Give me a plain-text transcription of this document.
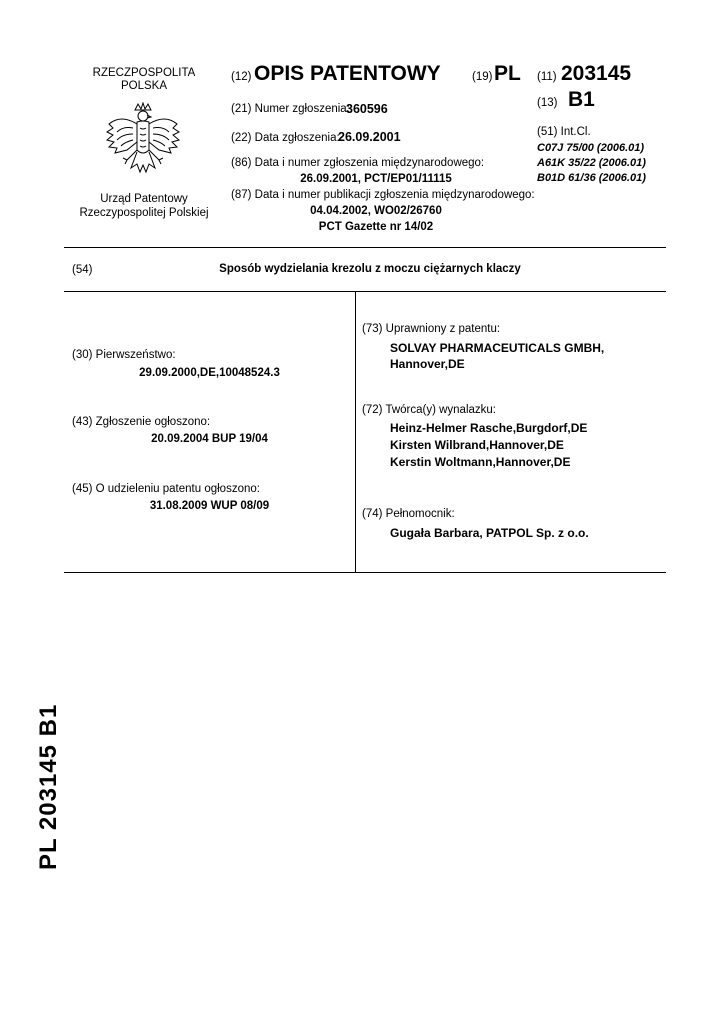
RZECZPOSPOLITA
POLSKA
Urząd Patentowy
Rzeczypospolitej Polskiej
(12) OPIS PATENTOWY	(19) PL (11) 203145
(13) B1
(21) Numer zgłoszenia:
360596
(22) Data zgłoszenia:
26.09.2001
(86) Data i numer zgłoszenia międzynarodowego:
26.09.2001, PCT/EP01/11115
(87) Data i numer publikacji zgłoszenia międzynarodowego:
04.04.2002, WO02/26760
PCT Gazette nr 14/02
(51) Int.Cl.
C07J 75/00 (2006.01)
A61K 35/22 (2006.01)
B01D 61/36 (2006.01)
(54)	Sposób wydzielania krezolu z moczu ciężarnych klaczy
(30) Pierwszeństwo:
29.09.2000,DE,10048524.3
(43) Zgłoszenie ogłoszono:
20.09.2004 BUP 19/04
(45) O udzieleniu patentu ogłoszono:
31.08.2009 WUP 08/09
(73) Uprawniony z patentu:
SOLVAY PHARMACEUTICALS GMBH,
Hannover,DE
(72) Twórca(y) wynalazku:
Heinz-Helmer Rasche,Burgdorf,DE
Kirsten Wilbrand,Hannover,DE
Kerstin Woltmann,Hannover,DE
(74) Pełnomocnik:
Gugała Barbara, PATPOL Sp. z o.o.
PL 203145 B1
